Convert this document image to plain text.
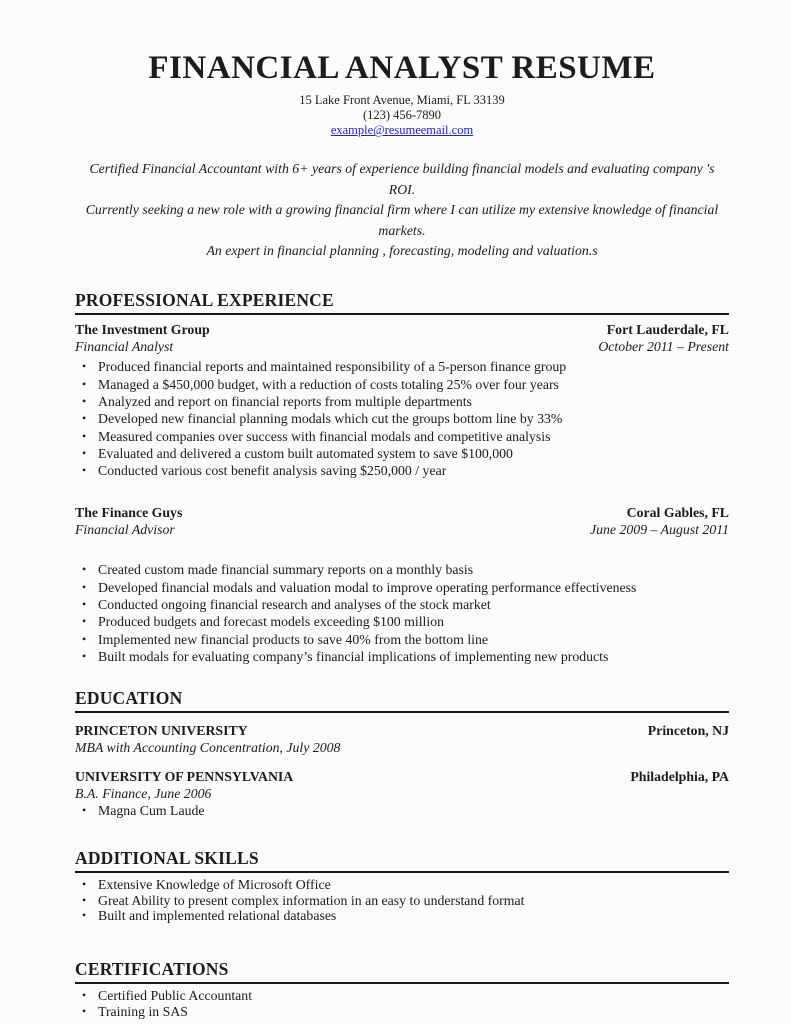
FINANCIAL ANALYST RESUME
15 Lake Front Avenue, Miami, FL 33139
(123) 456-7890
example@resumeemail.com
Certified Financial Accountant with 6+ years of experience building financial models and evaluating company 's ROI.
Currently seeking a new role with a growing financial firm where I can utilize my extensive knowledge of financial markets.
An expert in financial planning , forecasting, modeling and valuation.s
PROFESSIONAL EXPERIENCE
The Investment Group	Fort Lauderdale, FL
Financial Analyst	October 2011 – Present
• Produced financial reports and maintained responsibility of a 5-person finance group
• Managed a $450,000 budget, with a reduction of costs totaling 25% over four years
• Analyzed and report on financial reports from multiple departments
• Developed new financial planning modals which cut the groups bottom line by 33%
• Measured companies over success with financial modals and competitive analysis
• Evaluated and delivered a custom built automated system to save $100,000
• Conducted various cost benefit analysis saving $250,000 / year
The Finance Guys	Coral Gables, FL
Financial Advisor	June 2009 – August 2011
• Created custom made financial summary reports on a monthly basis
• Developed financial modals and valuation modal to improve operating performance effectiveness
• Conducted ongoing financial research and analyses of the stock market
• Produced budgets and forecast models exceeding $100 million
• Implemented new financial products to save 40% from the bottom line
• Built modals for evaluating company’s financial implications of implementing new products
EDUCATION
PRINCETON UNIVERSITY	Princeton, NJ
MBA with Accounting Concentration, July 2008
UNIVERSITY OF PENNSYLVANIA	Philadelphia, PA
B.A. Finance, June 2006
• Magna Cum Laude
ADDITIONAL SKILLS
• Extensive Knowledge of Microsoft Office
• Great Ability to present complex information in an easy to understand format
• Built and implemented relational databases
CERTIFICATIONS
• Certified Public Accountant
• Training in SAS
